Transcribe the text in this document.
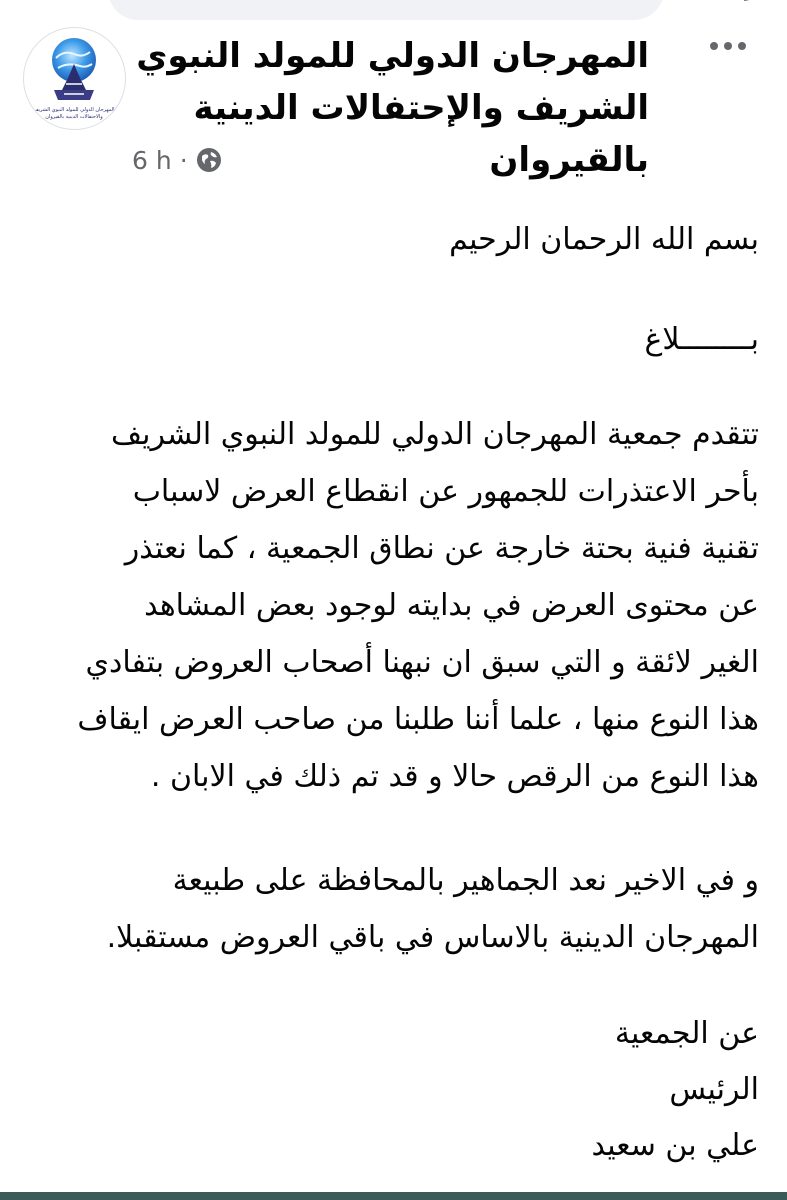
المهرجان الدولي للمولد النبوي الشريف
والاحتفالات الدينية بالقيروان
المهرجان الدولي للمولد النبوي
الشريف والإحتفالات الدينية بالقيروان
6 h ·

بسم الله الرحمان الرحيم

بــــــــلاغ

تتقدم جمعية المهرجان الدولي للمولد النبوي الشريف
بأحر الاعتذرات للجمهور عن انقطاع العرض لاسباب
تقنية فنية بحتة خارجة عن نطاق الجمعية ، كما نعتذر
عن محتوى العرض في بدايته لوجود بعض المشاهد
الغير لائقة و التي سبق ان نبهنا أصحاب العروض بتفادي
هذا النوع منها ، علما أننا طلبنا من صاحب العرض ايقاف
هذا النوع من الرقص حالا و قد تم ذلك في الابان .

و في الاخير نعد الجماهير بالمحافظة على طبيعة
المهرجان الدينية بالاساس في باقي العروض مستقبلا.

عن الجمعية
الرئيس
علي بن سعيد
